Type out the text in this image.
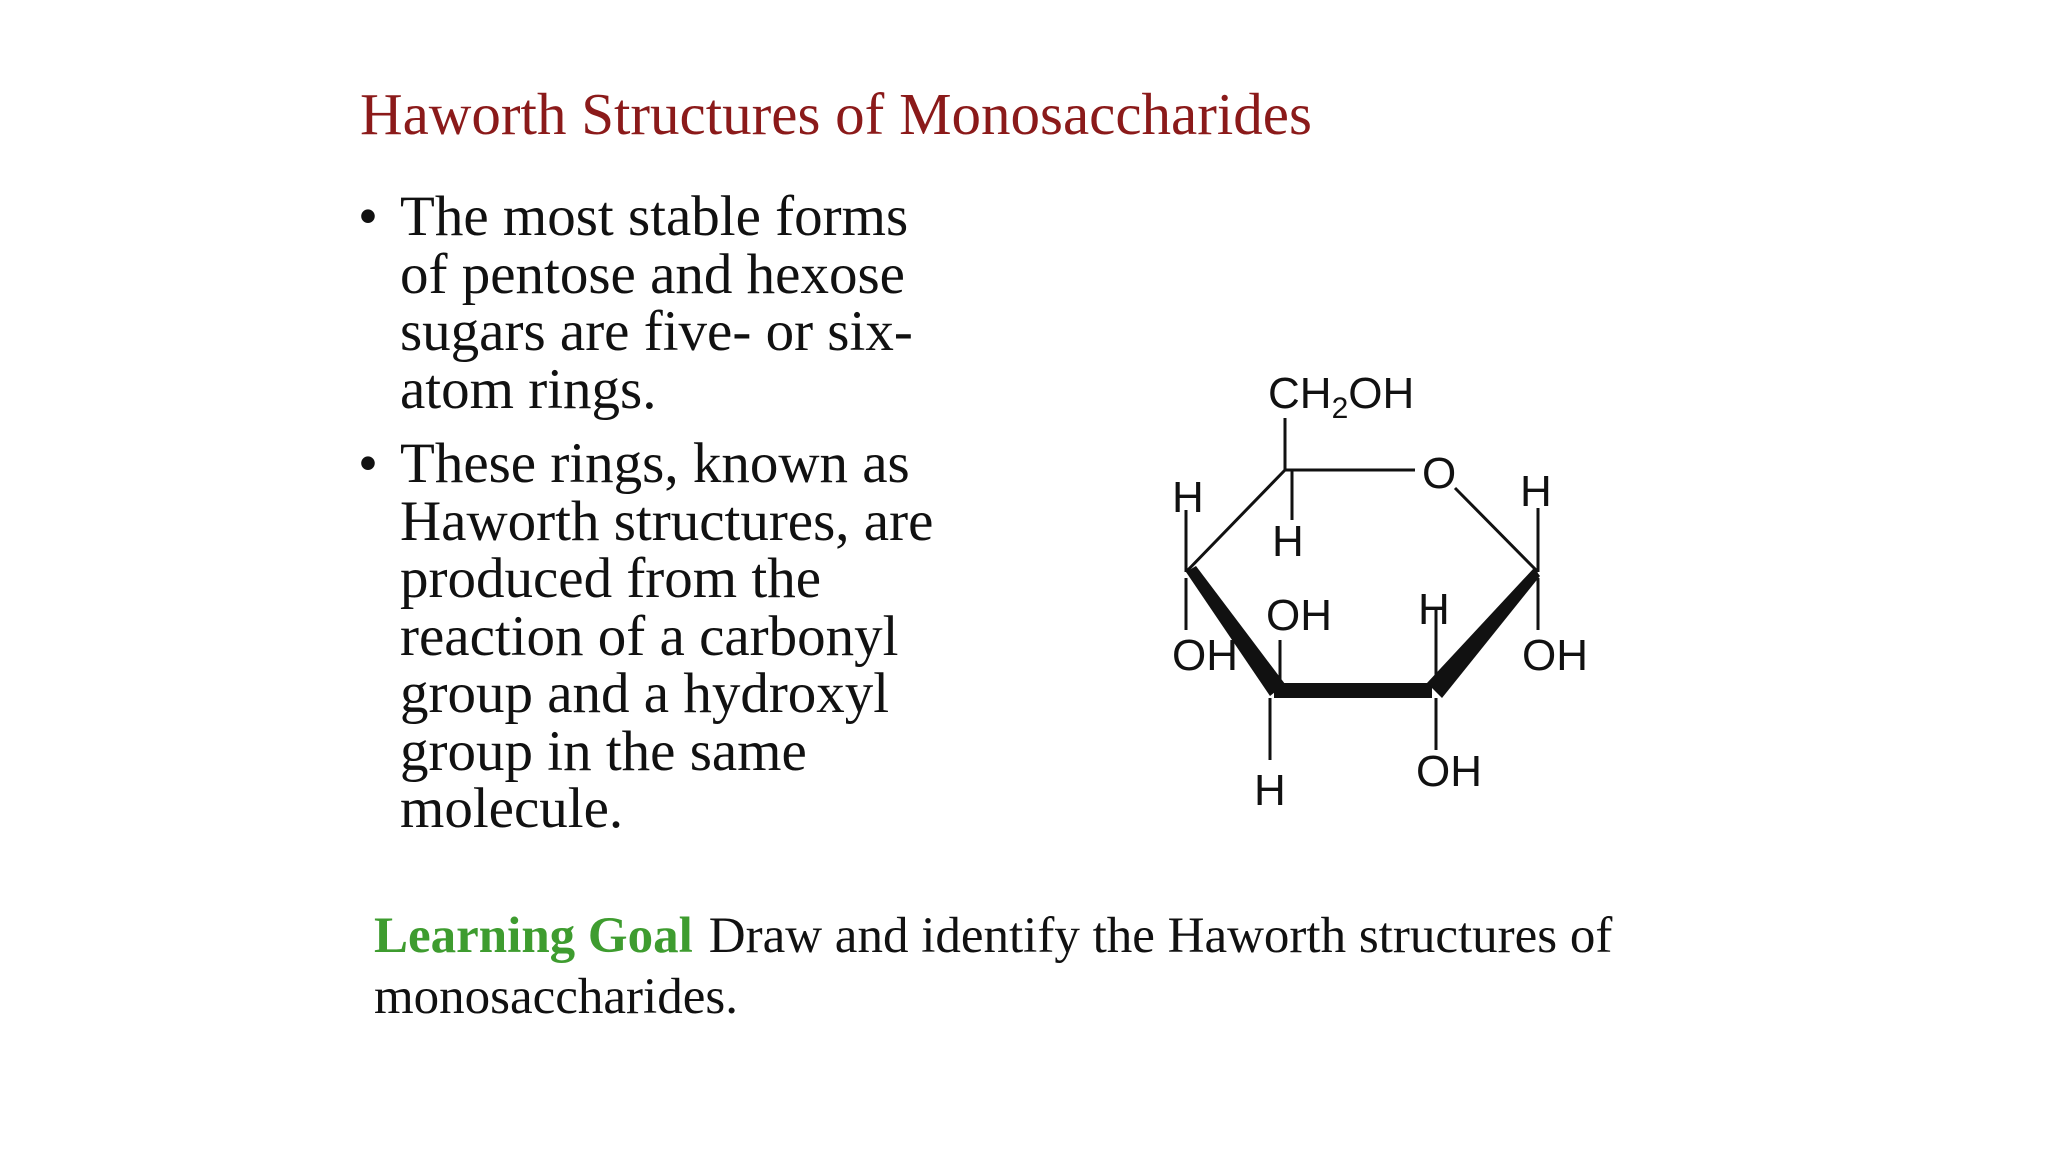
Haworth Structures of Monosaccharides
• The most stable forms
of pentose and hexose
sugars are five- or six-
atom rings.
• These rings, known as
Haworth structures, are
produced from the
reaction of a carbonyl
group and a hydroxyl
group in the same
molecule.
$CH_2OH$
O
H
H
OH
OH
H
H
OH
H
OH
Learning Goal Draw and identify the Haworth structures of
monosaccharides.
